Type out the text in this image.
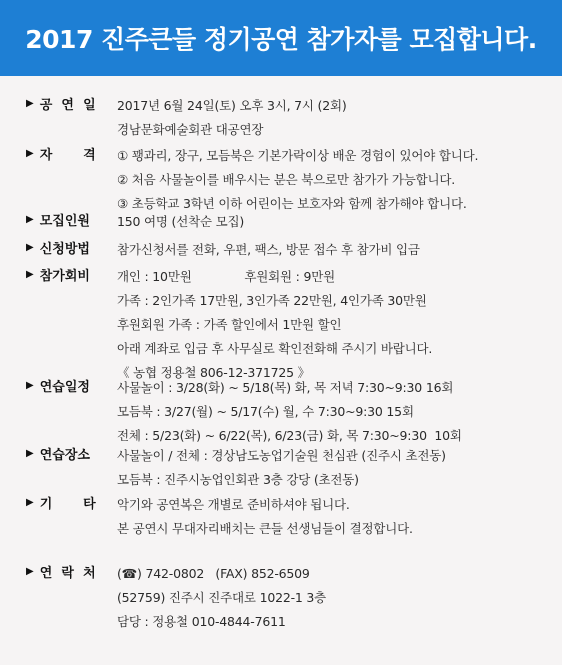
2017 진주큰들 정기공연 참가자를 모집합니다.
▶ 공 연 일 2017년 6월 24일(토) 오후 3시, 7시 (2회)
경남문화예술회관 대공연장
▶ 자 격 ① 꽹과리, 장구, 모듬북은 기본가락이상 배운 경험이 있어야 합니다.
② 처음 사물놀이를 배우시는 분은 북으로만 참가가 가능합니다.
③ 초등학교 3학년 이하 어린이는 보호자와 함께 참가해야 합니다.
▶ 모집인원 150 여명 (선착순 모집)
▶ 신청방법 참가신청서를 전화, 우편, 팩스, 방문 접수 후 참가비 입금
▶ 참가회비 개인 : 10만원              후원회원 : 9만원
가족 : 2인가족 17만원, 3인가족 22만원, 4인가족 30만원
후원회원 가족 : 가족 할인에서 1만원 할인
아래 계좌로 입금 후 사무실로 확인전화해 주시기 바랍니다.
《 농협 정용철 806-12-371725 》
▶ 연습일정 사물놀이 : 3/28(화) ~ 5/18(목) 화, 목 저녁 7:30~9:30 16회
모듬북 : 3/27(월) ~ 5/17(수) 월, 수 7:30~9:30 15회
전체 : 5/23(화) ~ 6/22(목), 6/23(금) 화, 목 7:30~9:30  10회
▶ 연습장소 사물놀이 / 전체 : 경상남도농업기술원 천심관 (진주시 초전동)
모듬북 : 진주시농업인회관 3층 강당 (초전동)
▶ 기 타 악기와 공연복은 개별로 준비하셔야 됩니다.
본 공연시 무대자리배치는 큰들 선생님들이 결정합니다.
▶ 연 락 처 (☎) 742-0802   (FAX) 852-6509
(52759) 진주시 진주대로 1022-1 3층
담당 : 정용철 010-4844-7611
